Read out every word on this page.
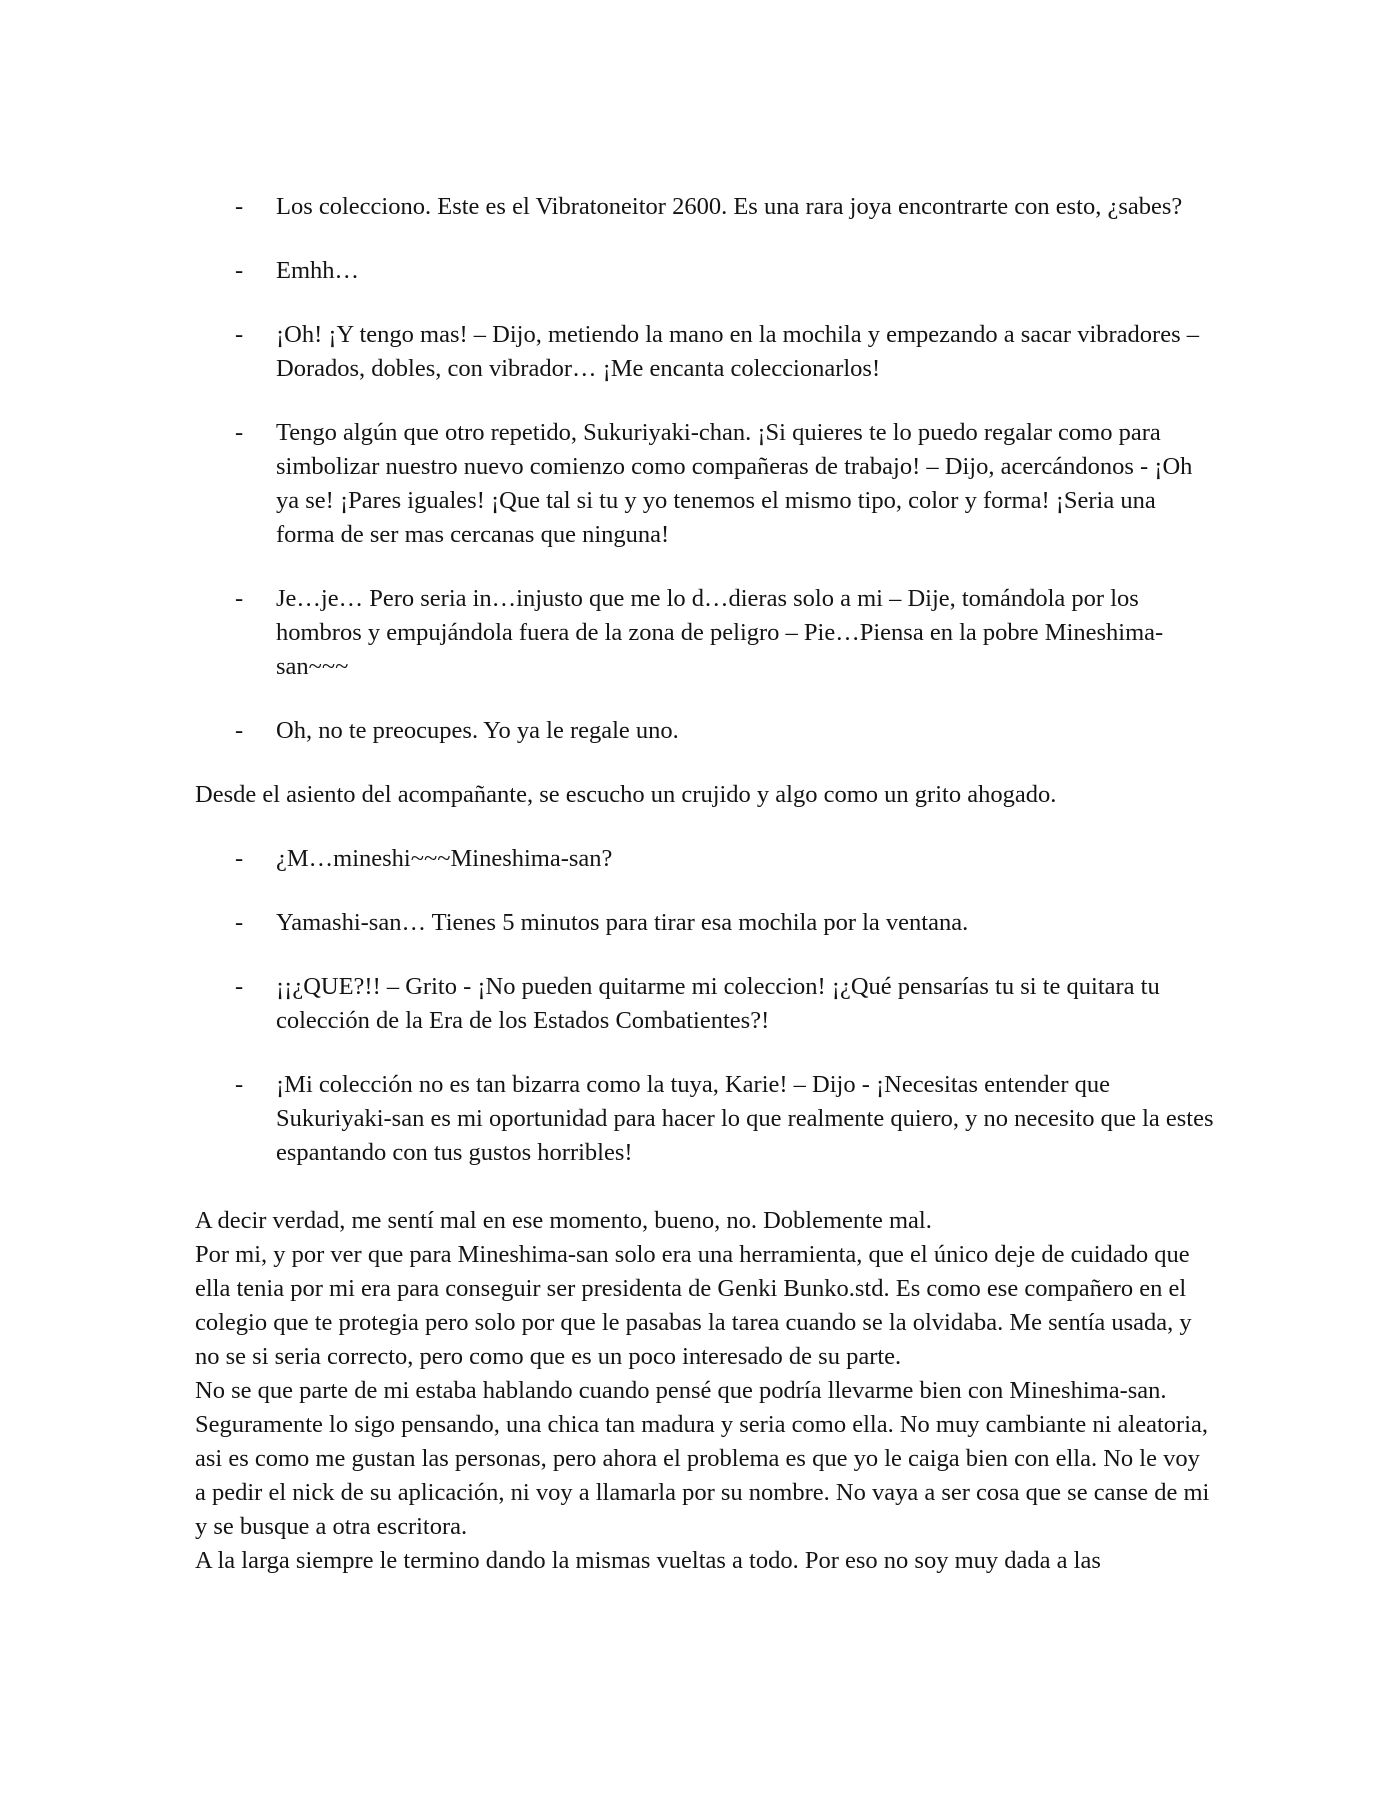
- Los colecciono. Este es el Vibratoneitor 2600. Es una rara joya encontrarte con esto, ¿sabes?
- Emhh…
- ¡Oh! ¡Y tengo mas! – Dijo, metiendo la mano en la mochila y empezando a sacar vibradores – Dorados, dobles, con vibrador… ¡Me encanta coleccionarlos!
- Tengo algún que otro repetido, Sukuriyaki-chan. ¡Si quieres te lo puedo regalar como para simbolizar nuestro nuevo comienzo como compañeras de trabajo! – Dijo, acercándonos - ¡Oh ya se! ¡Pares iguales! ¡Que tal si tu y yo tenemos el mismo tipo, color y forma! ¡Seria una forma de ser mas cercanas que ninguna!
- Je…je… Pero seria in…injusto que me lo d…dieras solo a mi – Dije, tomándola por los hombros y empujándola fuera de la zona de peligro – Pie…Piensa en la pobre Mineshima-san~~~
- Oh, no te preocupes. Yo ya le regale uno.

Desde el asiento del acompañante, se escucho un crujido y algo como un grito ahogado.

- ¿M…mineshi~~~Mineshima-san?
- Yamashi-san… Tienes 5 minutos para tirar esa mochila por la ventana.
- ¡¡¿QUE?!! – Grito - ¡No pueden quitarme mi coleccion! ¡¿Qué pensarías tu si te quitara tu colección de la Era de los Estados Combatientes?!
- ¡Mi colección no es tan bizarra como la tuya, Karie! – Dijo - ¡Necesitas entender que Sukuriyaki-san es mi oportunidad para hacer lo que realmente quiero, y no necesito que la estes espantando con tus gustos horribles!

A decir verdad, me sentí mal en ese momento, bueno, no. Doblemente mal.

Por mi, y por ver que para Mineshima-san solo era una herramienta, que el único deje de cuidado que ella tenia por mi era para conseguir ser presidenta de Genki Bunko.std. Es como ese compañero en el colegio que te protegia pero solo por que le pasabas la tarea cuando se la olvidaba. Me sentía usada, y no se si seria correcto, pero como que es un poco interesado de su parte.

No se que parte de mi estaba hablando cuando pensé que podría llevarme bien con Mineshima-san. Seguramente lo sigo pensando, una chica tan madura y seria como ella. No muy cambiante ni aleatoria, asi es como me gustan las personas, pero ahora el problema es que yo le caiga bien con ella. No le voy a pedir el nick de su aplicación, ni voy a llamarla por su nombre. No vaya a ser cosa que se canse de mi y se busque a otra escritora.

A la larga siempre le termino dando la mismas vueltas a todo. Por eso no soy muy dada a las
